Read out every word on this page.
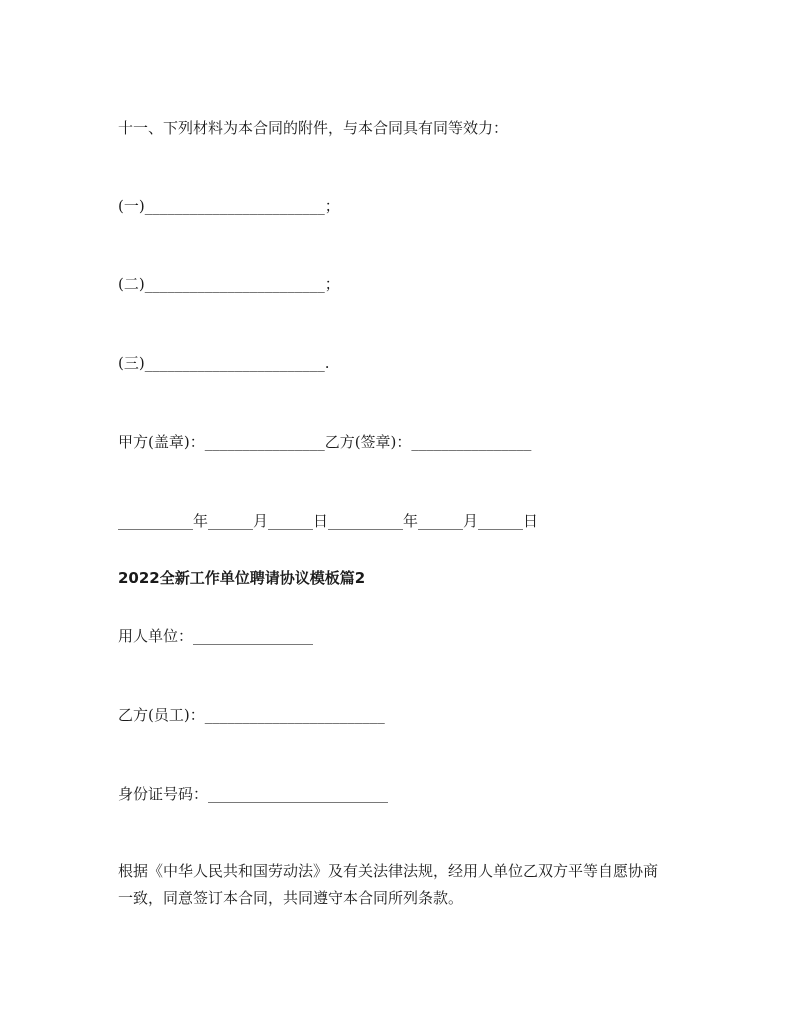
十一、下列材料为本合同的附件，与本合同具有同等效力：
(一)________________________；
(二)________________________；
(三)________________________.
甲方(盖章)：________________乙方(签章)：________________
__________年______月______日__________年______月______日
2022全新工作单位聘请协议模板篇2
用人单位：________________
乙方(员工)：________________________
身份证号码：________________________
根据《中华人民共和国劳动法》及有关法律法规，经用人单位乙双方平等自愿协商
一致，同意签订本合同，共同遵守本合同所列条款。
